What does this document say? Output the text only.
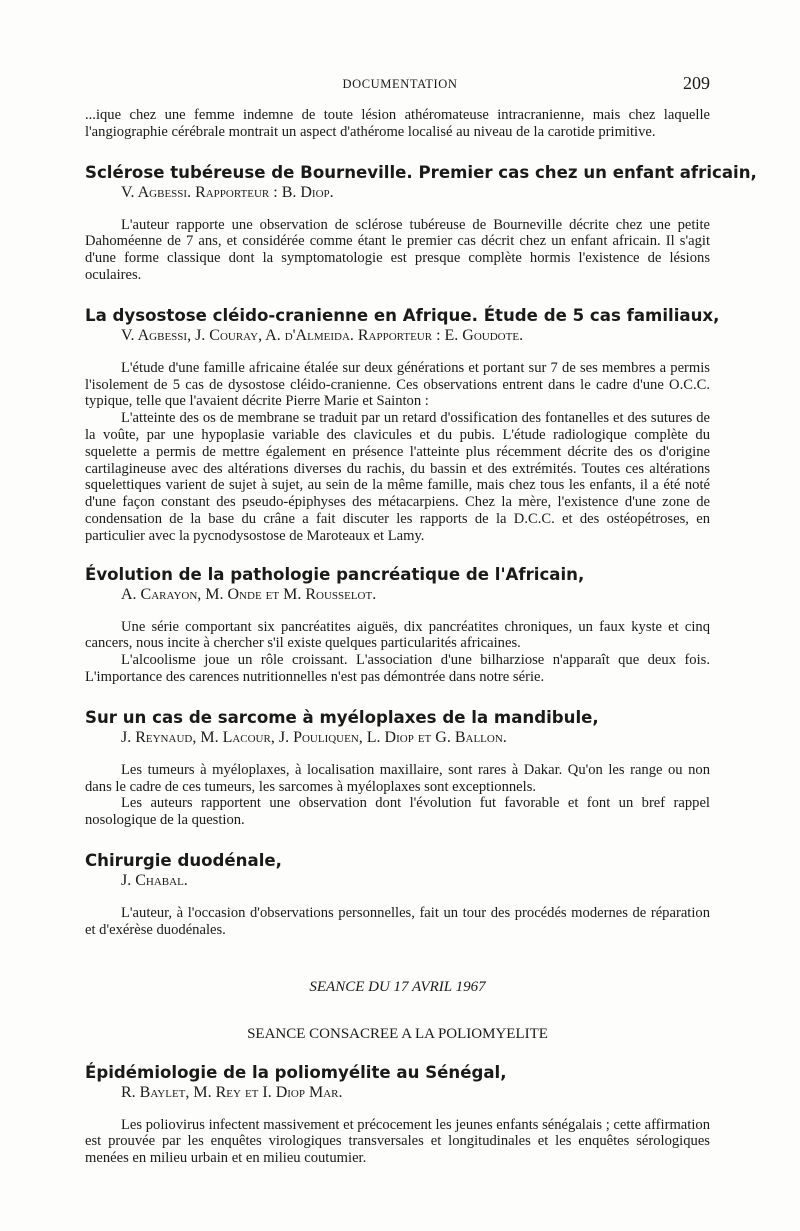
DOCUMENTATION	209

...ique chez une femme indemne de toute lésion athéromateuse intracranienne, mais chez laquelle l'angiographie cérébrale montrait un aspect d'athérome localisé au niveau de la carotide primitive.

Sclérose tubéreuse de Bourneville. Premier cas chez un enfant africain,

V. Agbessi. Rapporteur : B. Diop.

L'auteur rapporte une observation de sclérose tubéreuse de Bourneville décrite chez une petite Dahoméenne de 7 ans, et considérée comme étant le premier cas décrit chez un enfant africain. Il s'agit d'une forme classique dont la symptomatologie est presque complète hormis l'existence de lésions oculaires.

La dysostose cléido-cranienne en Afrique. Étude de 5 cas familiaux,

V. Agbessi, J. Couray, A. d'Almeida. Rapporteur : E. Goudote.

L'étude d'une famille africaine étalée sur deux générations et portant sur 7 de ses membres a permis l'isolement de 5 cas de dysostose cléido-cranienne. Ces observations entrent dans le cadre d'une O.C.C. typique, telle que l'avaient décrite Pierre Marie et Sainton :

L'atteinte des os de membrane se traduit par un retard d'ossification des fontanelles et des sutures de la voûte, par une hypoplasie variable des clavicules et du pubis. L'étude radiologique complète du squelette a permis de mettre également en présence l'atteinte plus récemment décrite des os d'origine cartilagineuse avec des altérations diverses du rachis, du bassin et des extrémités. Toutes ces altérations squelettiques varient de sujet à sujet, au sein de la même famille, mais chez tous les enfants, il a été noté d'une façon constant des pseudo-épiphyses des métacarpiens. Chez la mère, l'existence d'une zone de condensation de la base du crâne a fait discuter les rapports de la D.C.C. et des ostéopétroses, en particulier avec la pycnodysostose de Maroteaux et Lamy.

Évolution de la pathologie pancréatique de l'Africain,

A. Carayon, M. Onde et M. Rousselot.

Une série comportant six pancréatites aiguës, dix pancréatites chroniques, un faux kyste et cinq cancers, nous incite à chercher s'il existe quelques particularités africaines.

L'alcoolisme joue un rôle croissant. L'association d'une bilharziose n'apparaît que deux fois. L'importance des carences nutritionnelles n'est pas démontrée dans notre série.

Sur un cas de sarcome à myéloplaxes de la mandibule,

J. Reynaud, M. Lacour, J. Pouliquen, L. Diop et G. Ballon.

Les tumeurs à myéloplaxes, à localisation maxillaire, sont rares à Dakar. Qu'on les range ou non dans le cadre de ces tumeurs, les sarcomes à myéloplaxes sont exceptionnels.

Les auteurs rapportent une observation dont l'évolution fut favorable et font un bref rappel nosologique de la question.

Chirurgie duodénale,

J. Chabal.

L'auteur, à l'occasion d'observations personnelles, fait un tour des procédés modernes de réparation et d'exérèse duodénales.

SEANCE DU 17 AVRIL 1967

SEANCE CONSACREE A LA POLIOMYELITE

Épidémiologie de la poliomyélite au Sénégal,

R. Baylet, M. Rey et I. Diop Mar.

Les poliovirus infectent massivement et précocement les jeunes enfants sénégalais ; cette affirmation est prouvée par les enquêtes virologiques transversales et longitudinales et les enquêtes sérologiques menées en milieu urbain et en milieu coutumier.
